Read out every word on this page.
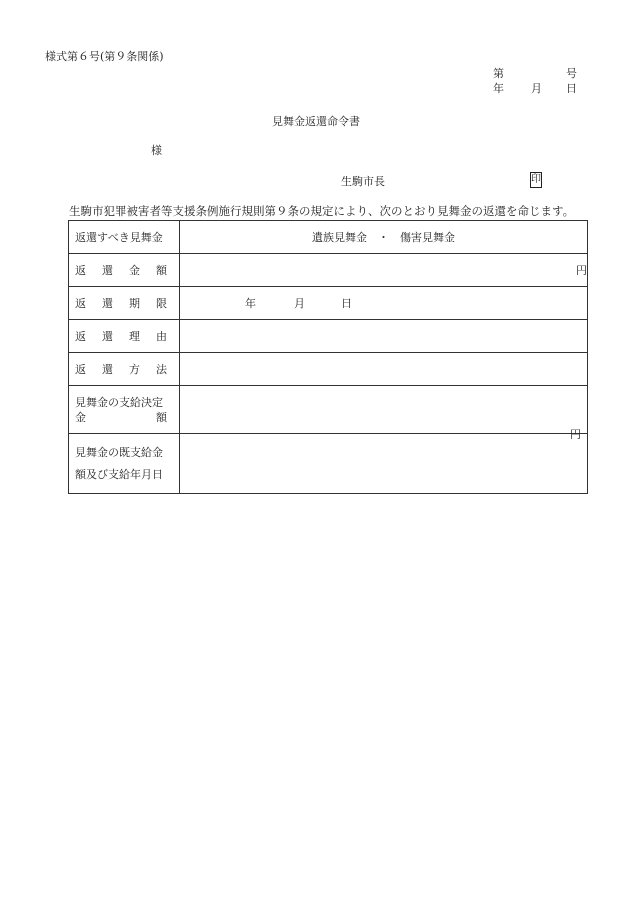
様式第６号(第９条関係)
第	号
年 月 日
見舞金返還命令書
様
生駒市長	印
生駒市犯罪被害者等支援条例施行規則第９条の規定により、次のとおり見舞金の返還を命じます。
返還すべき見舞金	遺族見舞金　・　傷害見舞金

返 還 金 額	円

返 還 期 限	年 月 日

返 還 理 由	

返 還 方 法	

見舞金の支給決定
金 額	円

見舞金の既支給金
額及び支給年月日	
